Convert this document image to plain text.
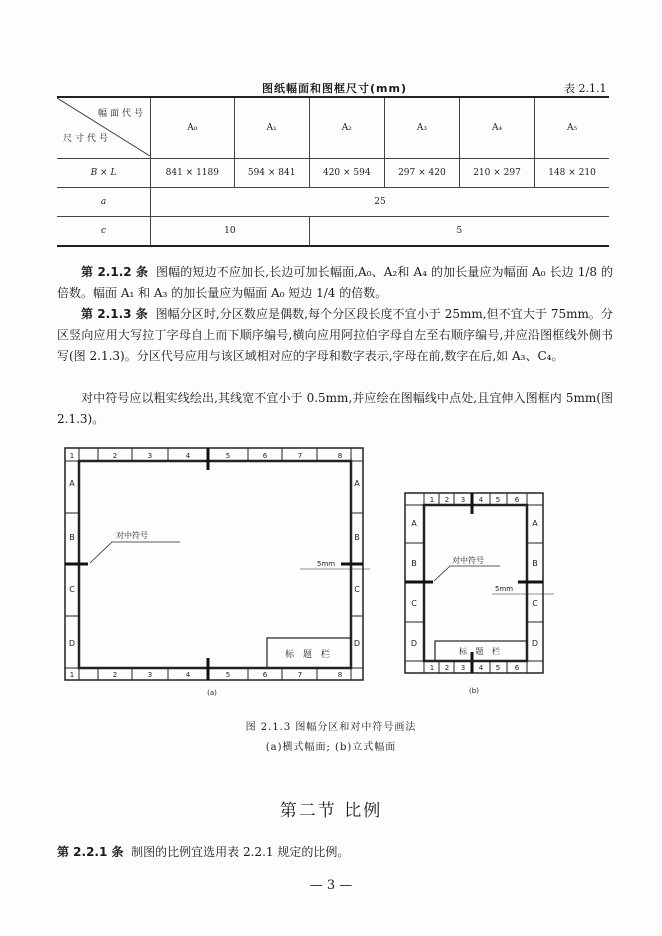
图纸幅面和图框尺寸(mm)	表 2.1.1
幅面代号
尺寸代号	A₀	A₁	A₂	A₃	A₄	A₅
B × L	841 × 1189	594 × 841	420 × 594	297 × 420	210 × 297	148 × 210
a	25					
c	10		5			
第 2.1.2 条 图幅的短边不应加长,长边可加长幅面,A₀、A₂和 A₄ 的加长量应为幅面 A₀ 长边 1/8 的倍数。幅面 A₁ 和 A₃ 的加长量应为幅面 A₀ 短边 1/4 的倍数。
第 2.1.3 条 图幅分区时,分区数应是偶数,每个分区段长度不宜小于 25mm,但不宜大于 75mm。分区竖向应用大写拉丁字母自上而下顺序编号,横向应用阿拉伯字母自左至右顺序编号,并应沿图框线外侧书写(图 2.1.3)。分区代号应用与该区域相对应的字母和数字表示,字母在前,数字在后,如 A₃、C₄。
对中符号应以粗实线绘出,其线宽不宜小于 0.5mm,并应绘在图幅线中点处,且宜伸入图框内 5mm(图 2.1.3)。
1	2	3	4	5	6	7	8
1	2	3	4	5	6	7	8
A
B
C
D
A
B
C
D
对中符号
5mm
标 题 栏
(a)
1 2 3 4 5 6
1 2 3 4 5 6
A
B
C
D
A
B
C
D
对中符号
5mm
标 题 栏
(b)
图 2.1.3 图幅分区和对中符号画法
(a)横式幅面; (b)立式幅面
第二节 比例
第 2.2.1 条 制图的比例宜选用表 2.2.1 规定的比例。
— 3 —
